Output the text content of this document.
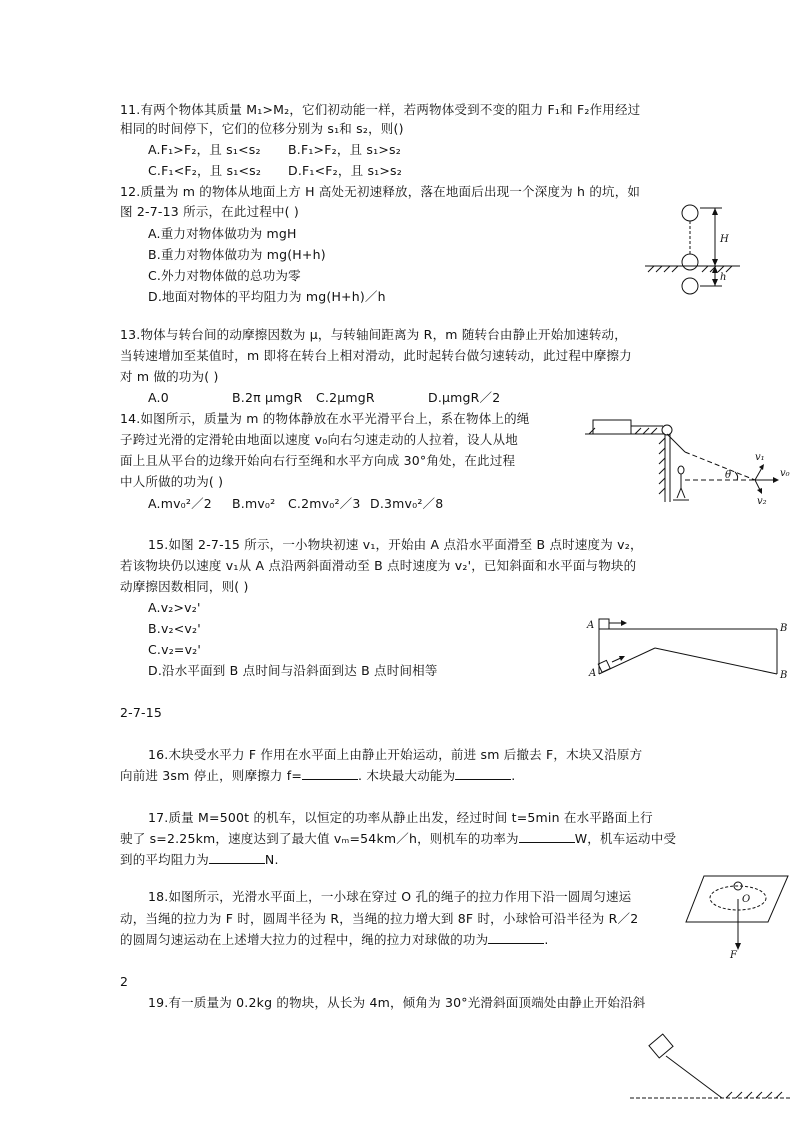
11.有两个物体其质量 M₁>M₂，它们初动能一样，若两物体受到不变的阻力 F₁和 F₂作用经过
相同的时间停下，它们的位移分别为 s₁和 s₂，则()
A.F₁>F₂，且 s₁<s₂ B.F₁>F₂，且 s₁>s₂
C.F₁<F₂，且 s₁<s₂ D.F₁<F₂，且 s₁>s₂
12.质量为 m 的物体从地面上方 H 高处无初速释放，落在地面后出现一个深度为 h 的坑，如
图 2-7-13 所示，在此过程中( )
A.重力对物体做功为 mgH
B.重力对物体做功为 mg(H+h)
C.外力对物体做的总功为零
D.地面对物体的平均阻力为 mg(H+h)／h
H
h
13.物体与转台间的动摩擦因数为 μ，与转轴间距离为 R，m 随转台由静止开始加速转动，
当转速增加至某值时，m 即将在转台上相对滑动，此时起转台做匀速转动，此过程中摩擦力
对 m 做的功为( )
A.0	B.2π μmgR C.2μmgR	D.μmgR／2
14.如图所示，质量为 m 的物体静放在水平光滑平台上，系在物体上的绳
子跨过光滑的定滑轮由地面以速度 v₀向右匀速走动的人拉着，设人从地
面上且从平台的边缘开始向右行至绳和水平方向成 30°角处，在此过程
中人所做的功为( )
A.mv₀²／2 B.mv₀² C.2mv₀²／3 D.3mv₀²／8
θ
v₁
v₀
v₂
15.如图 2-7-15 所示，一小物块初速 v₁，开始由 A 点沿水平面滑至 B 点时速度为 v₂，
若该物块仍以速度 v₁从 A 点沿两斜面滑动至 B 点时速度为 v₂'，已知斜面和水平面与物块的
动摩擦因数相同，则( )
A.v₂>v₂'
B.v₂<v₂'
C.v₂=v₂'
D.沿水平面到 B 点时间与沿斜面到达 B 点时间相等
2-7-15
A	B
A	B
16.木块受水平力 F 作用在水平面上由静止开始运动，前进 sm 后撤去 F，木块又沿原方
向前进 3sm 停止，则摩擦力 f=	. 木块最大动能为	.
17.质量 M=500t 的机车，以恒定的功率从静止出发，经过时间 t=5min 在水平路面上行
驶了 s=2.25km，速度达到了最大值 vₘ=54km／h，则机车的功率为	W，机车运动中受
到的平均阻力为	N.
18.如图所示，光滑水平面上，一小球在穿过 O 孔的绳子的拉力作用下沿一圆周匀速运
动，当绳的拉力为 F 时，圆周半径为 R，当绳的拉力增大到 8F 时，小球恰可沿半径为 R／2
的圆周匀速运动在上述增大拉力的过程中，绳的拉力对球做的功为	.
O
F
2
19.有一质量为 0.2kg 的物块，从长为 4m，倾角为 30°光滑斜面顶端处由静止开始沿斜
